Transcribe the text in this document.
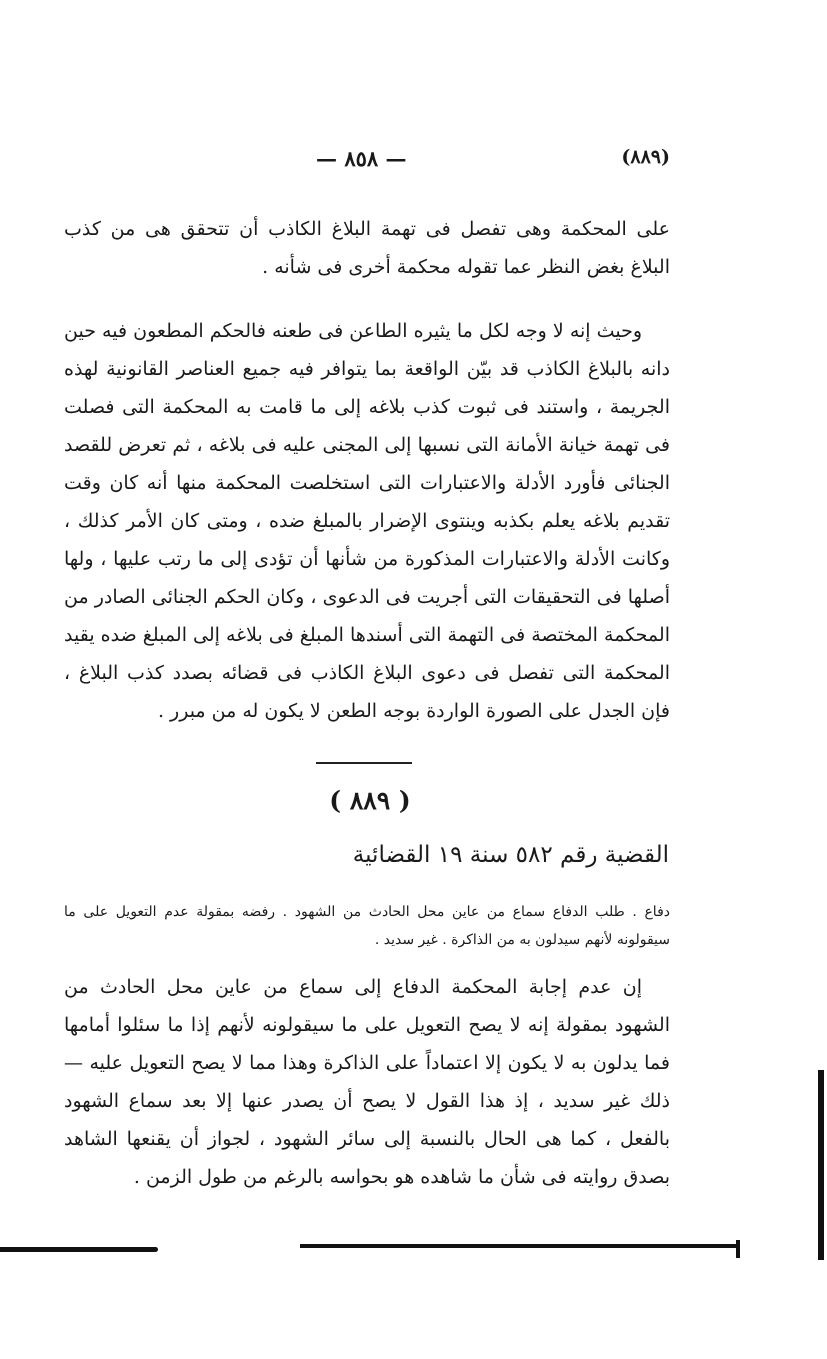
— ٨٥٨ —	(٨٨٩)

على المحكمة وهى تفصل فى تهمة البلاغ الكاذب أن تتحقق هى من كذب البلاغ بغض النظر عما تقوله محكمة أخرى فى شأنه .

وحيث إنه لا وجه لكل ما يثيره الطاعن فى طعنه فالحكم المطعون فيه حين دانه بالبلاغ الكاذب قد بيّن الواقعة بما يتوافر فيه جميع العناصر القانونية لهذه الجريمة ، واستند فى ثبوت كذب بلاغه إلى ما قامت به المحكمة التى فصلت فى تهمة خيانة الأمانة التى نسبها إلى المجنى عليه فى بلاغه ، ثم تعرض للقصد الجنائى فأورد الأدلة والاعتبارات التى استخلصت المحكمة منها أنه كان وقت تقديم بلاغه يعلم بكذبه وينتوى الإضرار بالمبلغ ضده ، ومتى كان الأمر كذلك ، وكانت الأدلة والاعتبارات المذكورة من شأنها أن تؤدى إلى ما رتب عليها ، ولها أصلها فى التحقيقات التى أجريت فى الدعوى ، وكان الحكم الجنائى الصادر من المحكمة المختصة فى التهمة التى أسندها المبلغ فى بلاغه إلى المبلغ ضده يقيد المحكمة التى تفصل فى دعوى البلاغ الكاذب فى قضائه بصدد كذب البلاغ ، فإن الجدل على الصورة الواردة بوجه الطعن لا يكون له من مبرر .

( ٨٨٩ )
القضية رقم ٥٨٢ سنة ١٩ القضائية

دفاع . طلب الدفاع سماع من عاين محل الحادث من الشهود . رفضه بمقولة عدم التعويل على ما سيقولونه لأنهم سيدلون به من الذاكرة . غير سديد .

إن عدم إجابة المحكمة الدفاع إلى سماع من عاين محل الحادث من الشهود بمقولة إنه لا يصح التعويل على ما سيقولونه لأنهم إذا ما سئلوا أمامها فما يدلون به لا يكون إلا اعتماداً على الذاكرة وهذا مما لا يصح التعويل عليه — ذلك غير سديد ، إذ هذا القول لا يصح أن يصدر عنها إلا بعد سماع الشهود بالفعل ، كما هى الحال بالنسبة إلى سائر الشهود ، لجواز أن يقنعها الشاهد بصدق روايته فى شأن ما شاهده هو بحواسه بالرغم من طول الزمن .
